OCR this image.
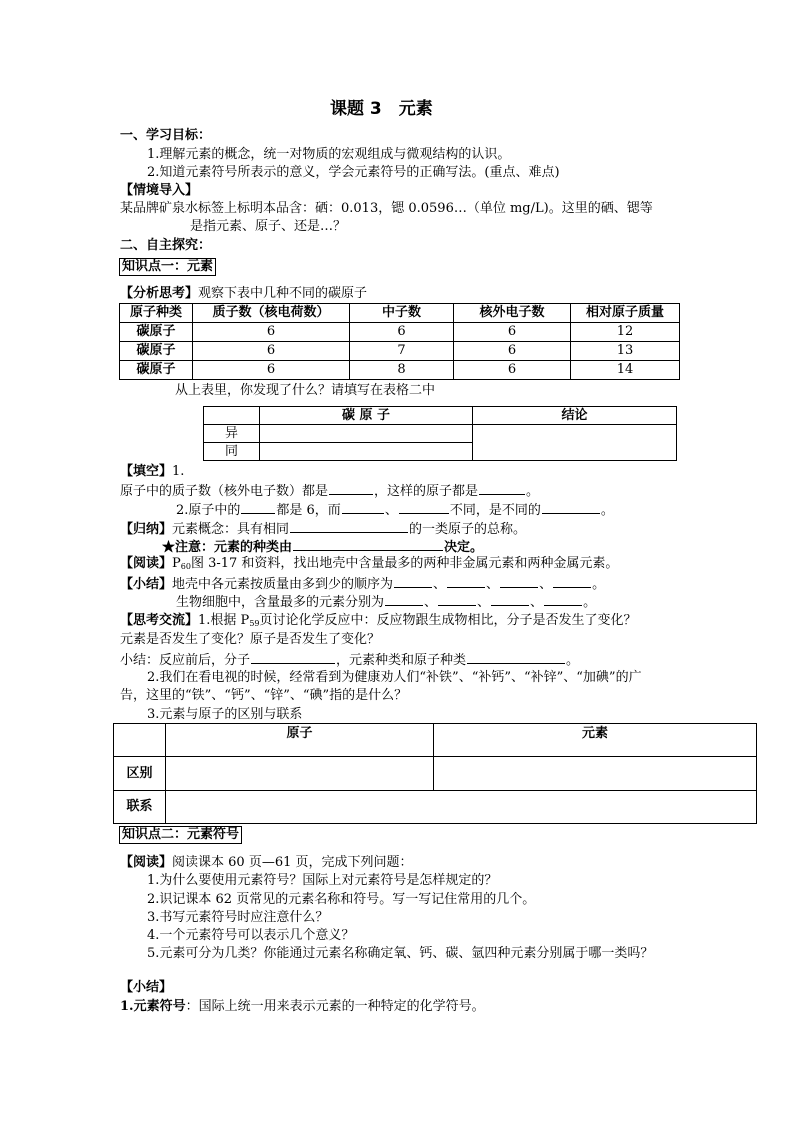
课题 3　元素
一、学习目标：
1.理解元素的概念，统一对物质的宏观组成与微观结构的认识。
2.知道元素符号所表示的意义，学会元素符号的正确写法。(重点、难点)
【情境导入】
某品牌矿泉水标签上标明本品含：硒：0.013，锶 0.0596…（单位 mg/L)。这里的硒、锶等
是指元素、原子、还是…？
二、自主探究：
知识点一：元素
【分析思考】观察下表中几种不同的碳原子
原子种类	质子数（核电荷数）	中子数	核外电子数	相对原子质量
碳原子	6	6	6	12
碳原子	6	7	6	13
碳原子	6	8	6	14
从上表里，你发现了什么？请填写在表格二中
	碳 原 子	结论
异		
同		
【填空】1.
原子中的质子数（核外电子数）都是	，这样的原子都是	。
2.原子中的	都是 6，而	、	不同，是不同的	。
【归纳】元素概念：具有相同	的一类原子的总称。
★注意：元素的种类由	决定。
【阅读】$P_{60}$图 3-17 和资料，找出地壳中含量最多的两种非金属元素和两种金属元素。
【小结】地壳中各元素按质量由多到少的顺序为	、	、	、	。
生物细胞中，含量最多的元素分别为	、	、	、	。
【思考交流】1.根据 $P_{59}$页讨论化学反应中：反应物跟生成物相比，分子是否发生了变化？
元素是否发生了变化？原子是否发生了变化？
小结：反应前后，分子	，元素种类和原子种类	。
2.我们在看电视的时候，经常看到为健康劝人们“补铁”、“补钙”、“补锌”、“加碘”的广
告，这里的“铁”、“钙”、“锌”、“碘”指的是什么？
3.元素与原子的区别与联系
	原子	元素
区别		
联系		
知识点二：元素符号
【阅读】阅读课本 60 页—61 页，完成下列问题：
1.为什么要使用元素符号？国际上对元素符号是怎样规定的？
2.识记课本 62 页常见的元素名称和符号。写一写记住常用的几个。
3.书写元素符号时应注意什么？
4.一个元素符号可以表示几个意义？
5.元素可分为几类？你能通过元素名称确定氧、钙、碳、氩四种元素分别属于哪一类吗？
【小结】
1.元素符号：国际上统一用来表示元素的一种特定的化学符号。
